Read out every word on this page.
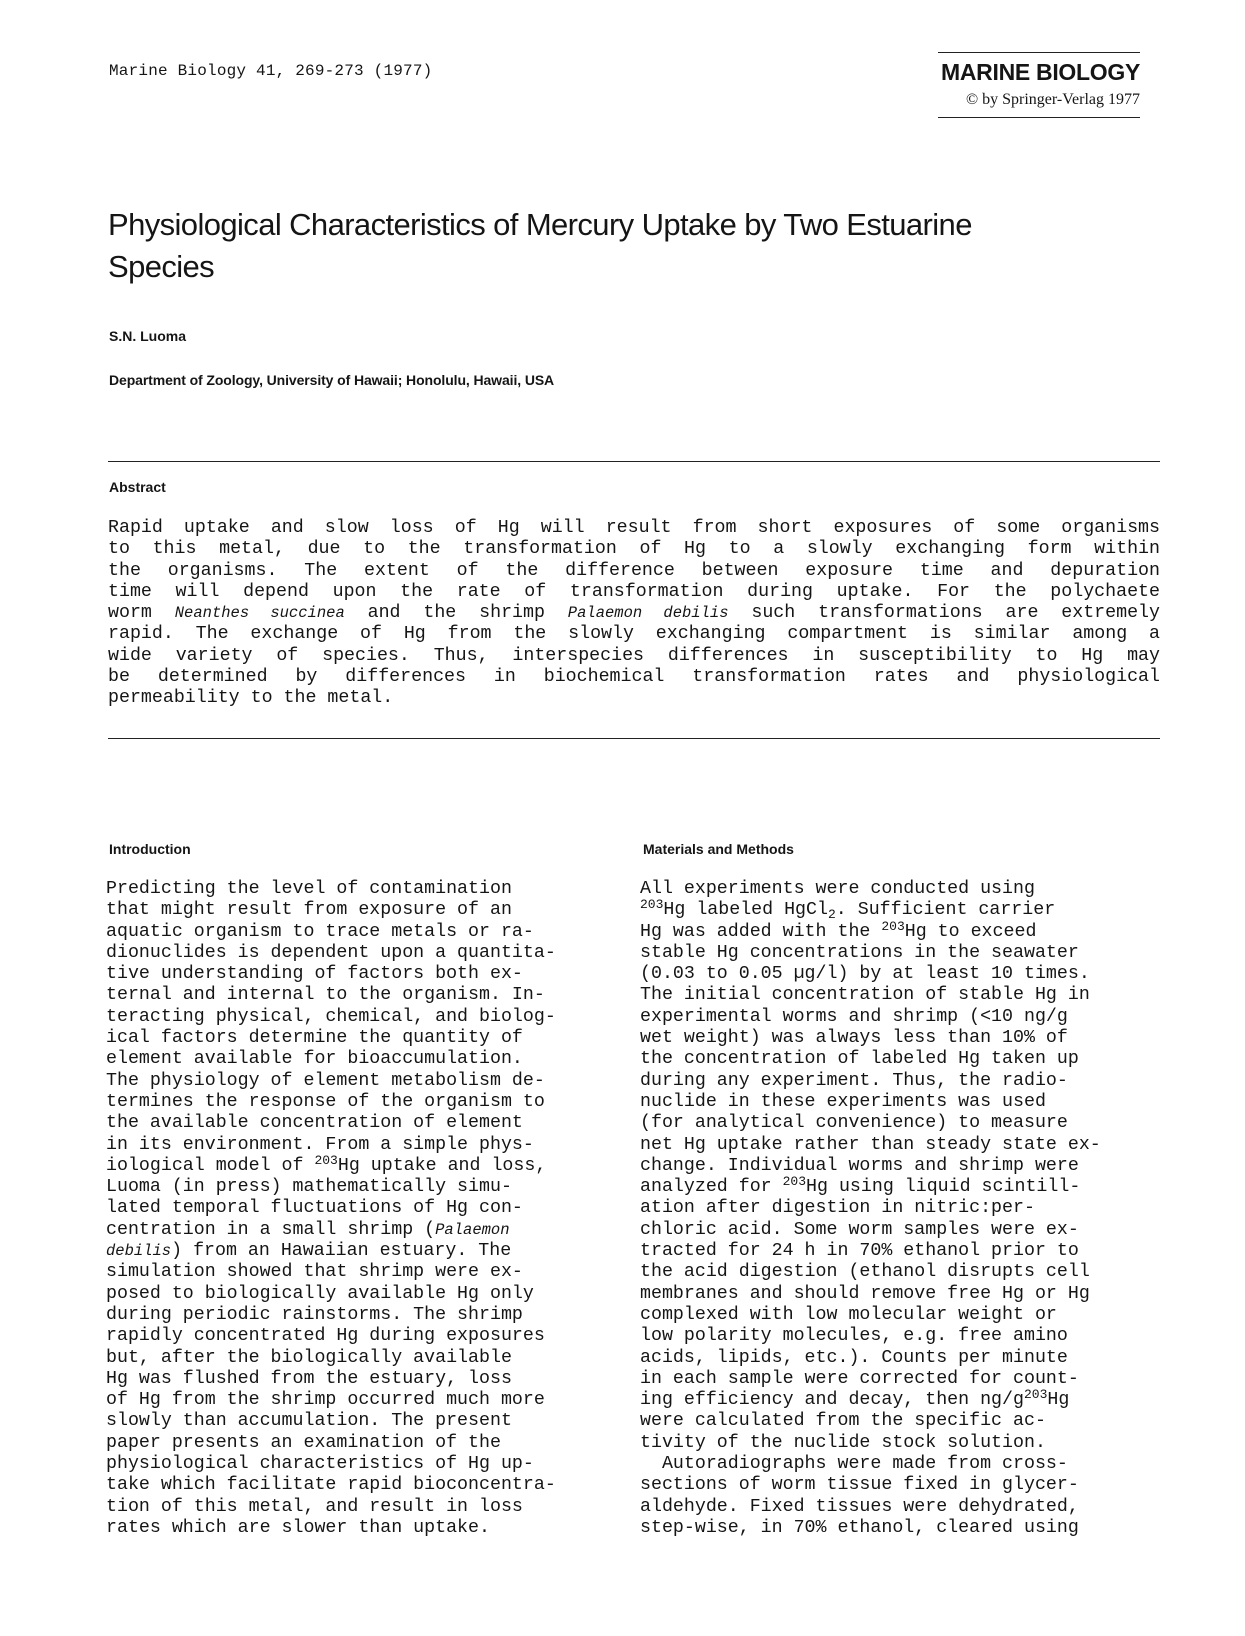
Marine Biology 41, 269-273 (1977)	MARINE BIOLOGY
© by Springer-Verlag 1977
Physiological Characteristics of Mercury Uptake by Two Estuarine
Species
S.N. Luoma
Department of Zoology, University of Hawaii; Honolulu, Hawaii, USA
Abstract
Rapid uptake and slow loss of Hg will result from short exposures of some organisms
to this metal, due to the transformation of Hg to a slowly exchanging form within
the organisms. The extent of the difference between exposure time and depuration
time will depend upon the rate of transformation during uptake. For the polychaete
worm Neanthes succinea and the shrimp Palaemon debilis such transformations are extremely
rapid. The exchange of Hg from the slowly exchanging compartment is similar among a
wide variety of species. Thus, interspecies differences in susceptibility to Hg may
be determined by differences in biochemical transformation rates and physiological
permeability to the metal.
Introduction	Materials and Methods
Predicting the level of contamination
that might result from exposure of an
aquatic organism to trace metals or ra-
dionuclides is dependent upon a quantita-
tive understanding of factors both ex-
ternal and internal to the organism. In-
teracting physical, chemical, and biolog-
ical factors determine the quantity of
element available for bioaccumulation.
The physiology of element metabolism de-
termines the response of the organism to
the available concentration of element
in its environment. From a simple phys-
iological model of $^{203}$Hg uptake and loss,
Luoma (in press) mathematically simu-
lated temporal fluctuations of Hg con-
centration in a small shrimp (Palaemon
debilis) from an Hawaiian estuary. The
simulation showed that shrimp were ex-
posed to biologically available Hg only
during periodic rainstorms. The shrimp
rapidly concentrated Hg during exposures
but, after the biologically available
Hg was flushed from the estuary, loss
of Hg from the shrimp occurred much more
slowly than accumulation. The present
paper presents an examination of the
physiological characteristics of Hg up-
take which facilitate rapid bioconcentra-
tion of this metal, and result in loss
rates which are slower than uptake.
All experiments were conducted using
$^{203}$Hg labeled HgCl$_2$. Sufficient carrier
Hg was added with the $^{203}$Hg to exceed
stable Hg concentrations in the seawater
(0.03 to 0.05 µg/l) by at least 10 times.
The initial concentration of stable Hg in
experimental worms and shrimp (<10 ng/g
wet weight) was always less than 10% of
the concentration of labeled Hg taken up
during any experiment. Thus, the radio-
nuclide in these experiments was used
(for analytical convenience) to measure
net Hg uptake rather than steady state ex-
change. Individual worms and shrimp were
analyzed for $^{203}$Hg using liquid scintill-
ation after digestion in nitric:per-
chloric acid. Some worm samples were ex-
tracted for 24 h in 70% ethanol prior to
the acid digestion (ethanol disrupts cell
membranes and should remove free Hg or Hg
complexed with low molecular weight or
low polarity molecules, e.g. free amino
acids, lipids, etc.). Counts per minute
in each sample were corrected for count-
ing efficiency and decay, then $ng/g^{203}Hg$
were calculated from the specific ac-
tivity of the nuclide stock solution.
Autoradiographs were made from cross-
sections of worm tissue fixed in glycer-
aldehyde. Fixed tissues were dehydrated,
step-wise, in 70% ethanol, cleared using
